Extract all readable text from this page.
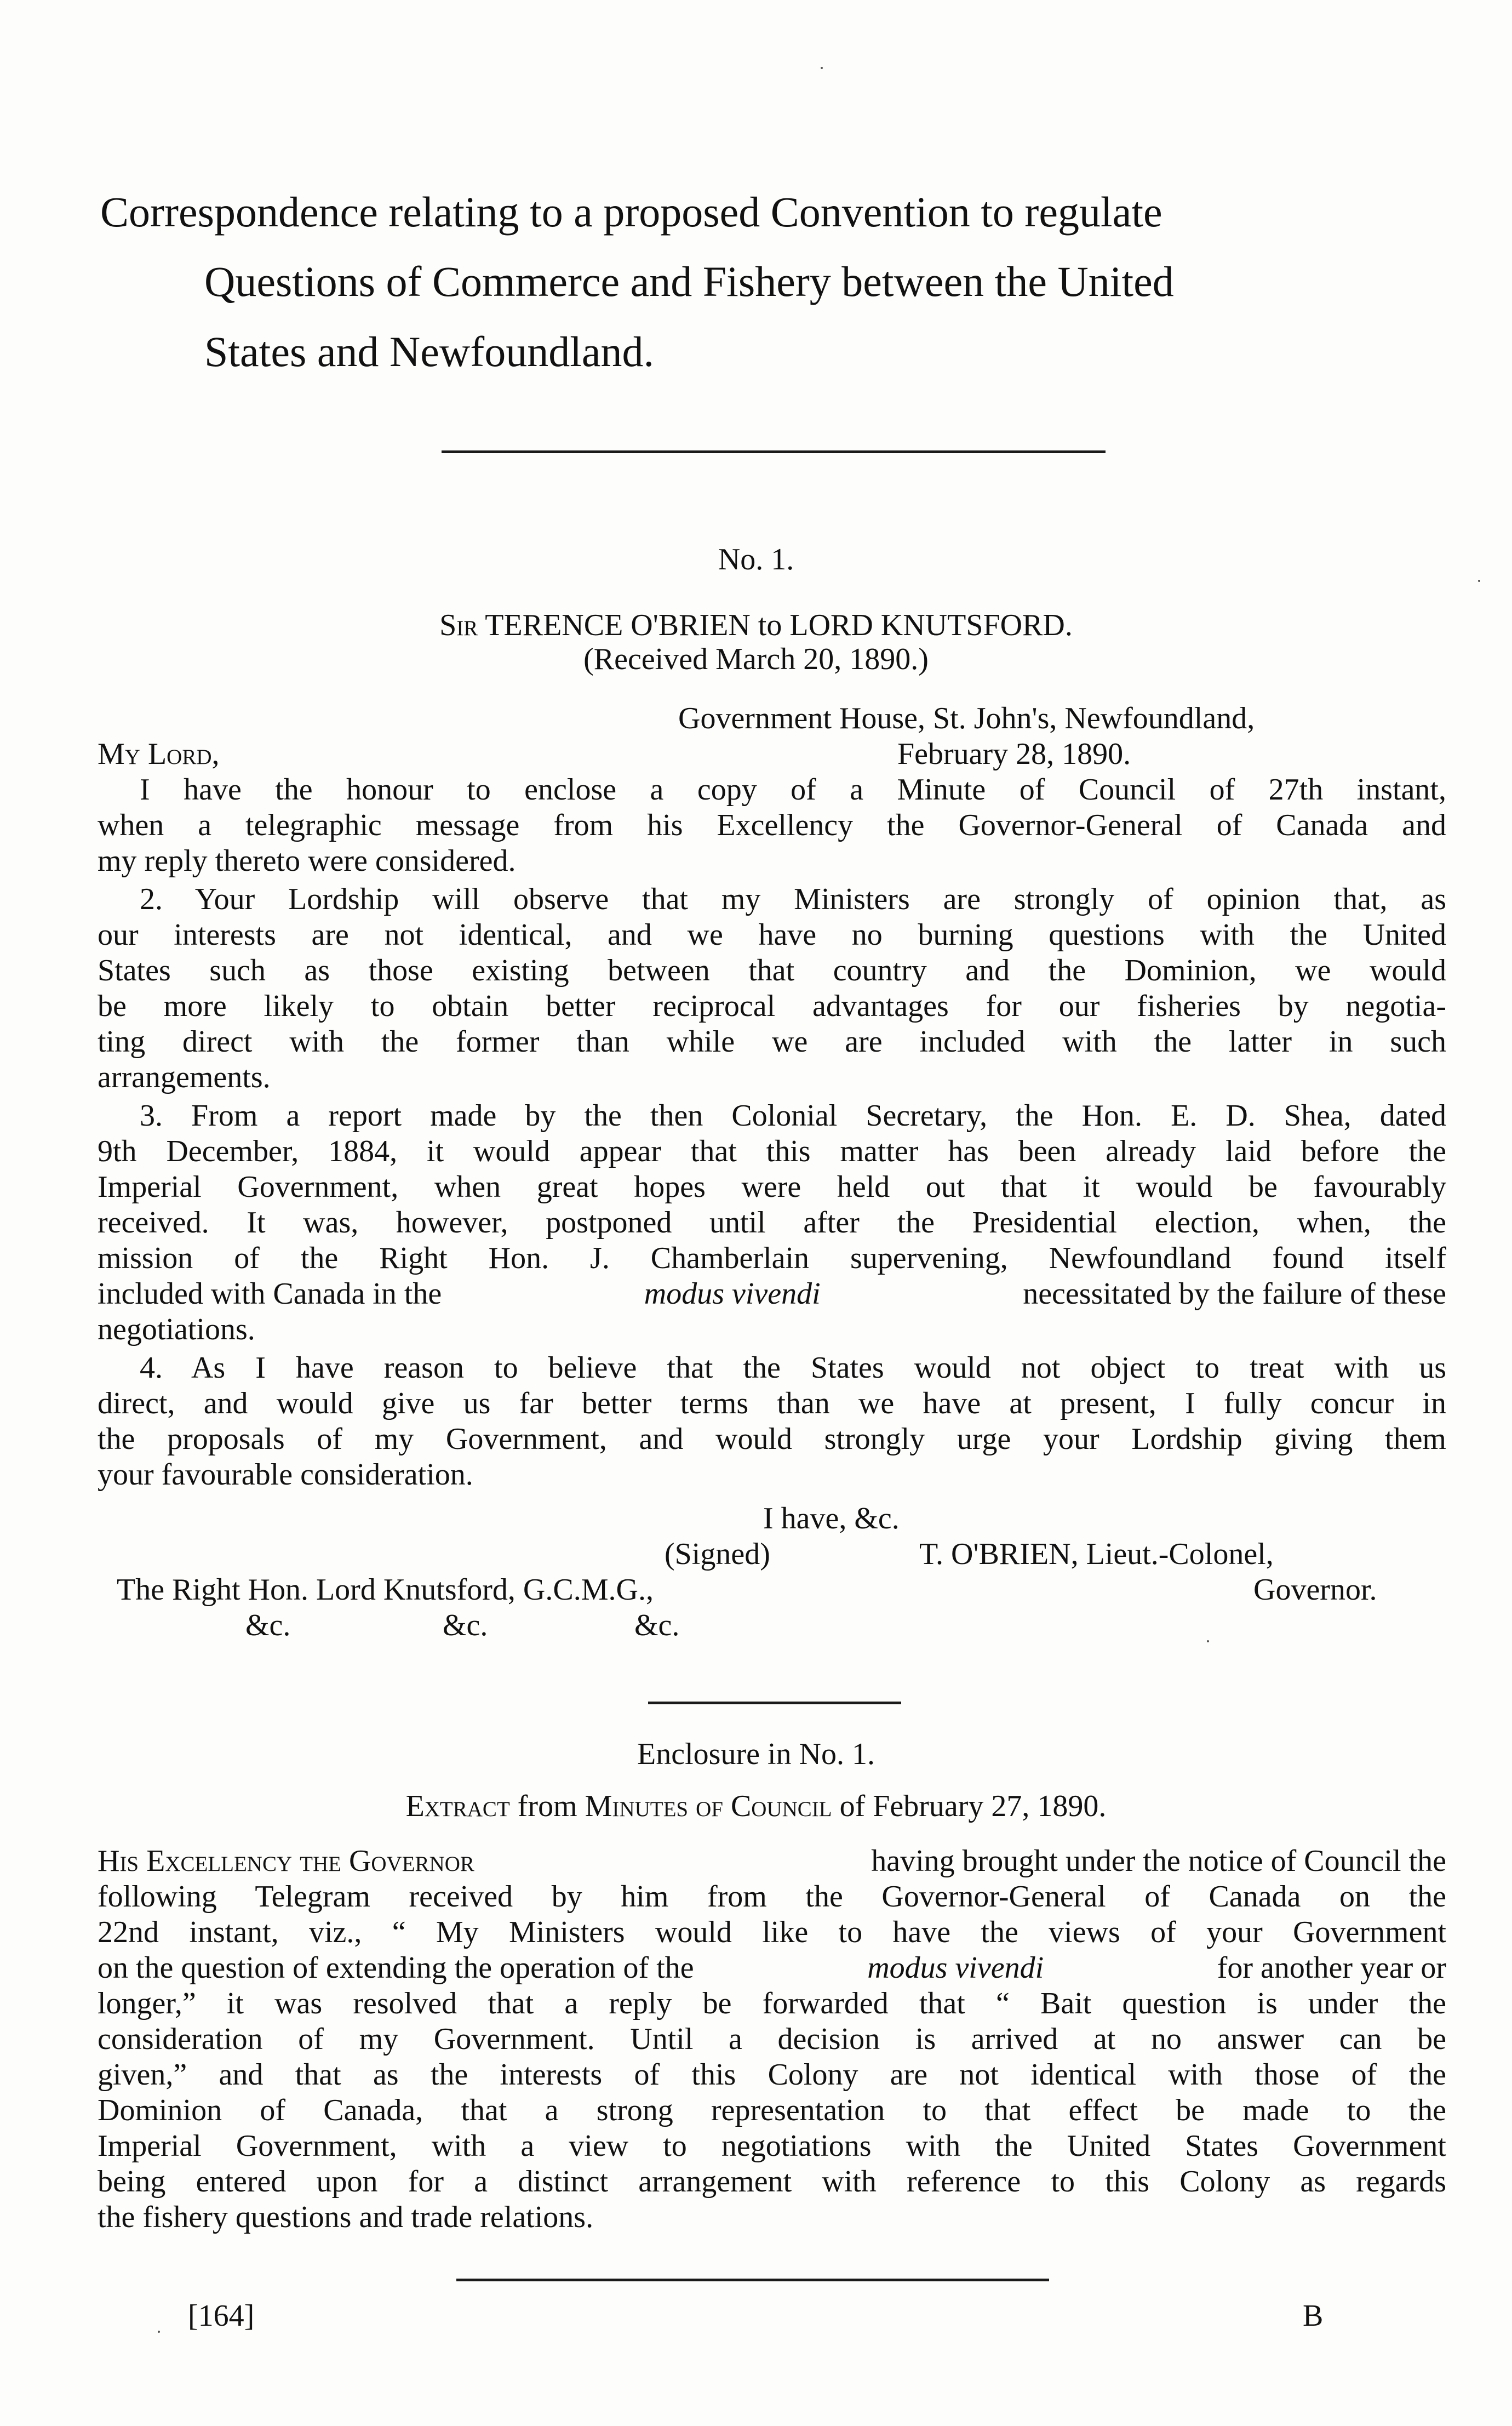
Correspondence relating to a proposed Convention to regulate
Questions of Commerce and Fishery between the United
States and Newfoundland.
No. 1.
Sir TERENCE O'BRIEN to LORD KNUTSFORD.
(Received March 20, 1890.)
Government House, St. John's, Newfoundland,
My Lord,	February 28, 1890.
I have the honour to enclose a copy of a Minute of Council of 27th instant,
when a telegraphic message from his Excellency the Governor-General of Canada and
my reply thereto were considered.
2. Your Lordship will observe that my Ministers are strongly of opinion that, as
our interests are not identical, and we have no burning questions with the United
States such as those existing between that country and the Dominion, we would
be more likely to obtain better reciprocal advantages for our fisheries by negotia-
ting direct with the former than while we are included with the latter in such
arrangements.
3. From a report made by the then Colonial Secretary, the Hon. E. D. Shea, dated
9th December, 1884, it would appear that this matter has been already laid before the
Imperial Government, when great hopes were held out that it would be favourably
received. It was, however, postponed until after the Presidential election, when, the
mission of the Right Hon. J. Chamberlain supervening, Newfoundland found itself
included with Canada in the	modus vivendi	necessitated by the failure of these
negotiations.
4. As I have reason to believe that the States would not object to treat with us
direct, and would give us far better terms than we have at present, I fully concur in
the proposals of my Government, and would strongly urge your Lordship giving them
your favourable consideration.
I have, &c.
(Signed)	T. O'BRIEN, Lieut.-Colonel,
The Right Hon. Lord Knutsford, G.C.M.G.,	Governor.
&c.	&c.	&c.
Enclosure in No. 1.
Extract from Minutes of Council of February 27, 1890.
His Excellency the Governor	having brought under the notice of Council the
following Telegram received by him from the Governor-General of Canada on the
22nd instant, viz., “ My Ministers would like to have the views of your Government
on the question of extending the operation of the	modus vivendi	for another year or
longer,” it was resolved that a reply be forwarded that “ Bait question is under the
consideration of my Government. Until a decision is arrived at no answer can be
given,” and that as the interests of this Colony are not identical with those of the
Dominion of Canada, that a strong representation to that effect be made to the
Imperial Government, with a view to negotiations with the United States Government
being entered upon for a distinct arrangement with reference to this Colony as regards
the fishery questions and trade relations.
[164]	B
